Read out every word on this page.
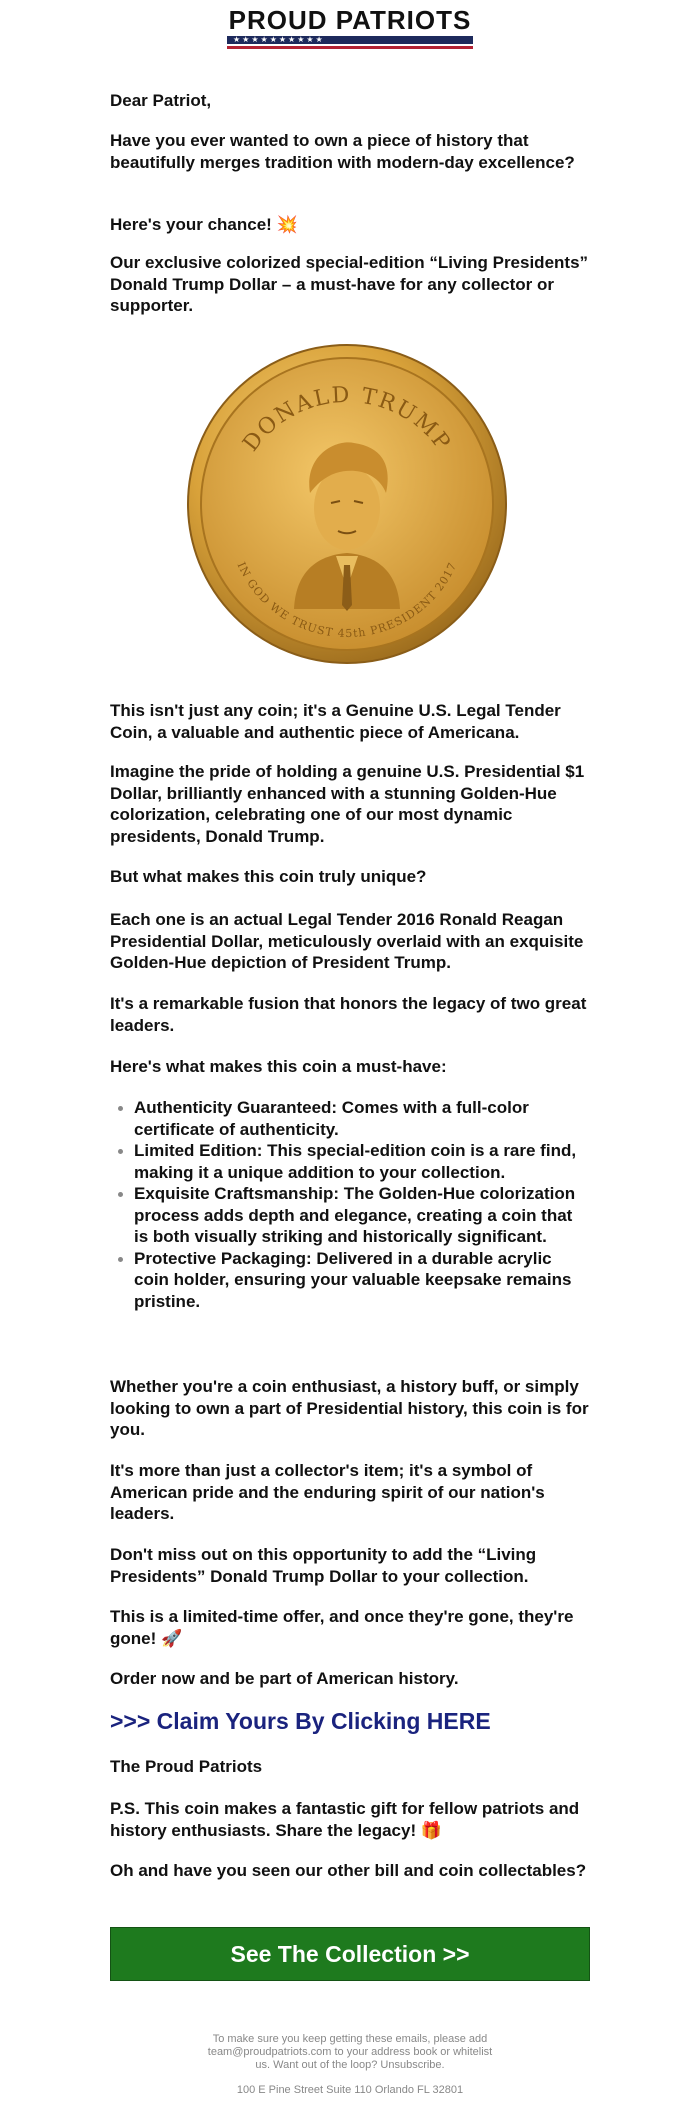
PROUD PATRIOTS
★★★★★★★★★★

Dear Patriot,

Have you ever wanted to own a piece of history that beautifully merges tradition with modern-day excellence?

Here's your chance! 💥

Our exclusive colorized special-edition “Living Presidents” Donald Trump Dollar – a must-have for any collector or supporter.

DONALD TRUMP
IN GOD WE TRUST 45th PRESIDENT 2017

This isn't just any coin; it's a Genuine U.S. Legal Tender Coin, a valuable and authentic piece of Americana.

Imagine the pride of holding a genuine U.S. Presidential $1 Dollar, brilliantly enhanced with a stunning Golden-Hue colorization, celebrating one of our most dynamic presidents, Donald Trump.

But what makes this coin truly unique?

Each one is an actual Legal Tender 2016 Ronald Reagan Presidential Dollar, meticulously overlaid with an exquisite Golden-Hue depiction of President Trump.

It's a remarkable fusion that honors the legacy of two great leaders.

Here's what makes this coin a must-have:

Authenticity Guaranteed: Comes with a full-color certificate of authenticity.
Limited Edition: This special-edition coin is a rare find, making it a unique addition to your collection.
Exquisite Craftsmanship: The Golden-Hue colorization process adds depth and elegance, creating a coin that is both visually striking and historically significant.
Protective Packaging: Delivered in a durable acrylic coin holder, ensuring your valuable keepsake remains pristine.

Whether you're a coin enthusiast, a history buff, or simply looking to own a part of Presidential history, this coin is for you.

It's more than just a collector's item; it's a symbol of American pride and the enduring spirit of our nation's leaders.

Don't miss out on this opportunity to add the “Living Presidents” Donald Trump Dollar to your collection.

This is a limited-time offer, and once they're gone, they're gone! 🚀

Order now and be part of American history.

>>> Claim Yours By Clicking HERE

The Proud Patriots

P.S. This coin makes a fantastic gift for fellow patriots and history enthusiasts. Share the legacy! 🎁

Oh and have you seen our other bill and coin collectables?

See The Collection >>
To make sure you keep getting these emails, please add team@proudpatriots.com to your address book or whitelist us. Want out of the loop? Unsubscribe.
100 E Pine Street Suite 110 Orlando FL 32801
